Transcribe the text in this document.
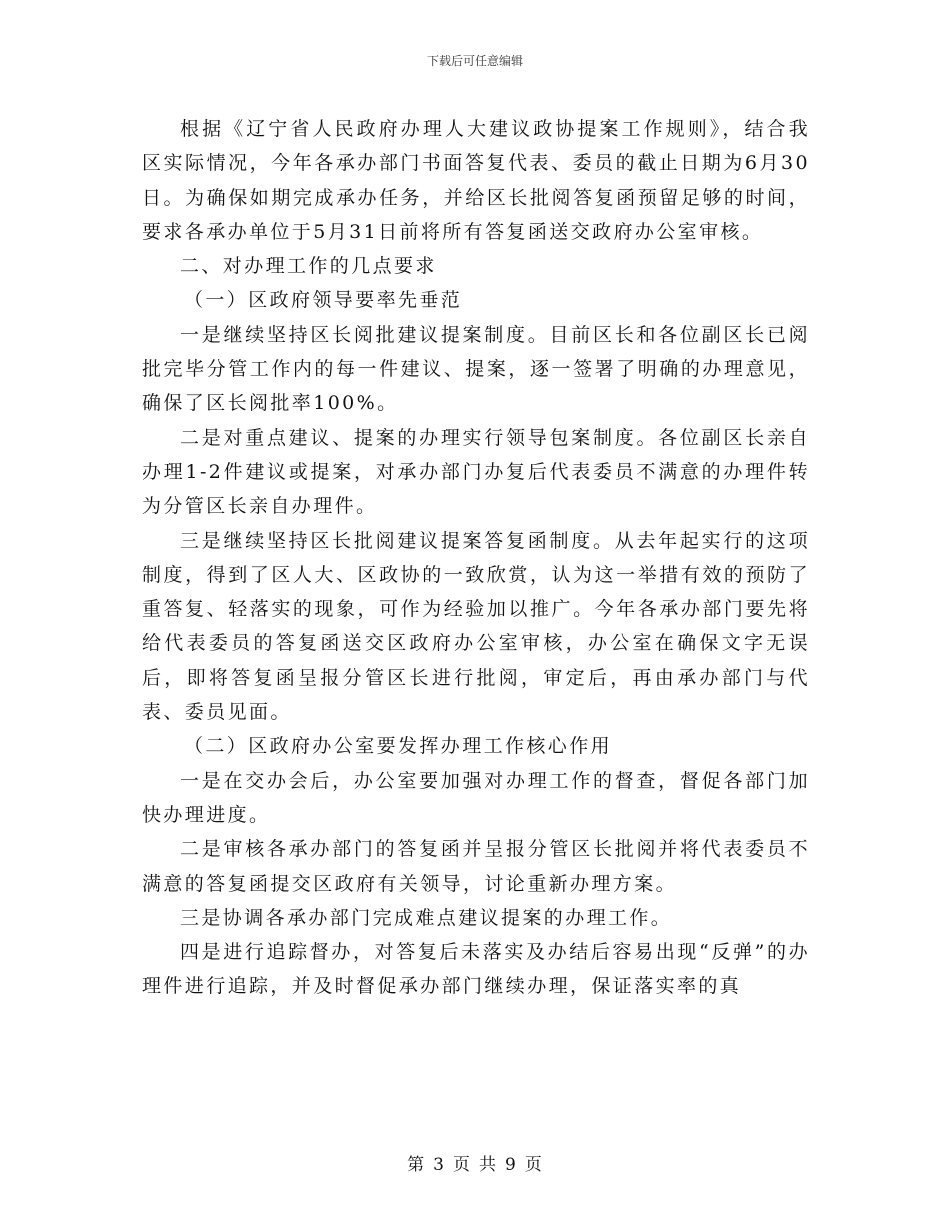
下载后可任意编辑

根据《辽宁省人民政府办理人大建议政协提案工作规则》，结合我区实际情况，今年各承办部门书面答复代表、委员的截止日期为6月30日。为确保如期完成承办任务，并给区长批阅答复函预留足够的时间，要求各承办单位于5月31日前将所有答复函送交政府办公室审核。

二、对办理工作的几点要求

（一）区政府领导要率先垂范

一是继续坚持区长阅批建议提案制度。目前区长和各位副区长已阅批完毕分管工作内的每一件建议、提案，逐一签署了明确的办理意见，确保了区长阅批率100%。

二是对重点建议、提案的办理实行领导包案制度。各位副区长亲自办理1-2件建议或提案，对承办部门办复后代表委员不满意的办理件转为分管区长亲自办理件。

三是继续坚持区长批阅建议提案答复函制度。从去年起实行的这项制度，得到了区人大、区政协的一致欣赏，认为这一举措有效的预防了重答复、轻落实的现象，可作为经验加以推广。今年各承办部门要先将给代表委员的答复函送交区政府办公室审核，办公室在确保文字无误后，即将答复函呈报分管区长进行批阅，审定后，再由承办部门与代表、委员见面。

（二）区政府办公室要发挥办理工作核心作用

一是在交办会后，办公室要加强对办理工作的督查，督促各部门加快办理进度。

二是审核各承办部门的答复函并呈报分管区长批阅并将代表委员不满意的答复函提交区政府有关领导，讨论重新办理方案。

三是协调各承办部门完成难点建议提案的办理工作。

四是进行追踪督办，对答复后未落实及办结后容易出现“反弹”的办理件进行追踪，并及时督促承办部门继续办理，保证落实率的真

第 3 页 共 9 页
